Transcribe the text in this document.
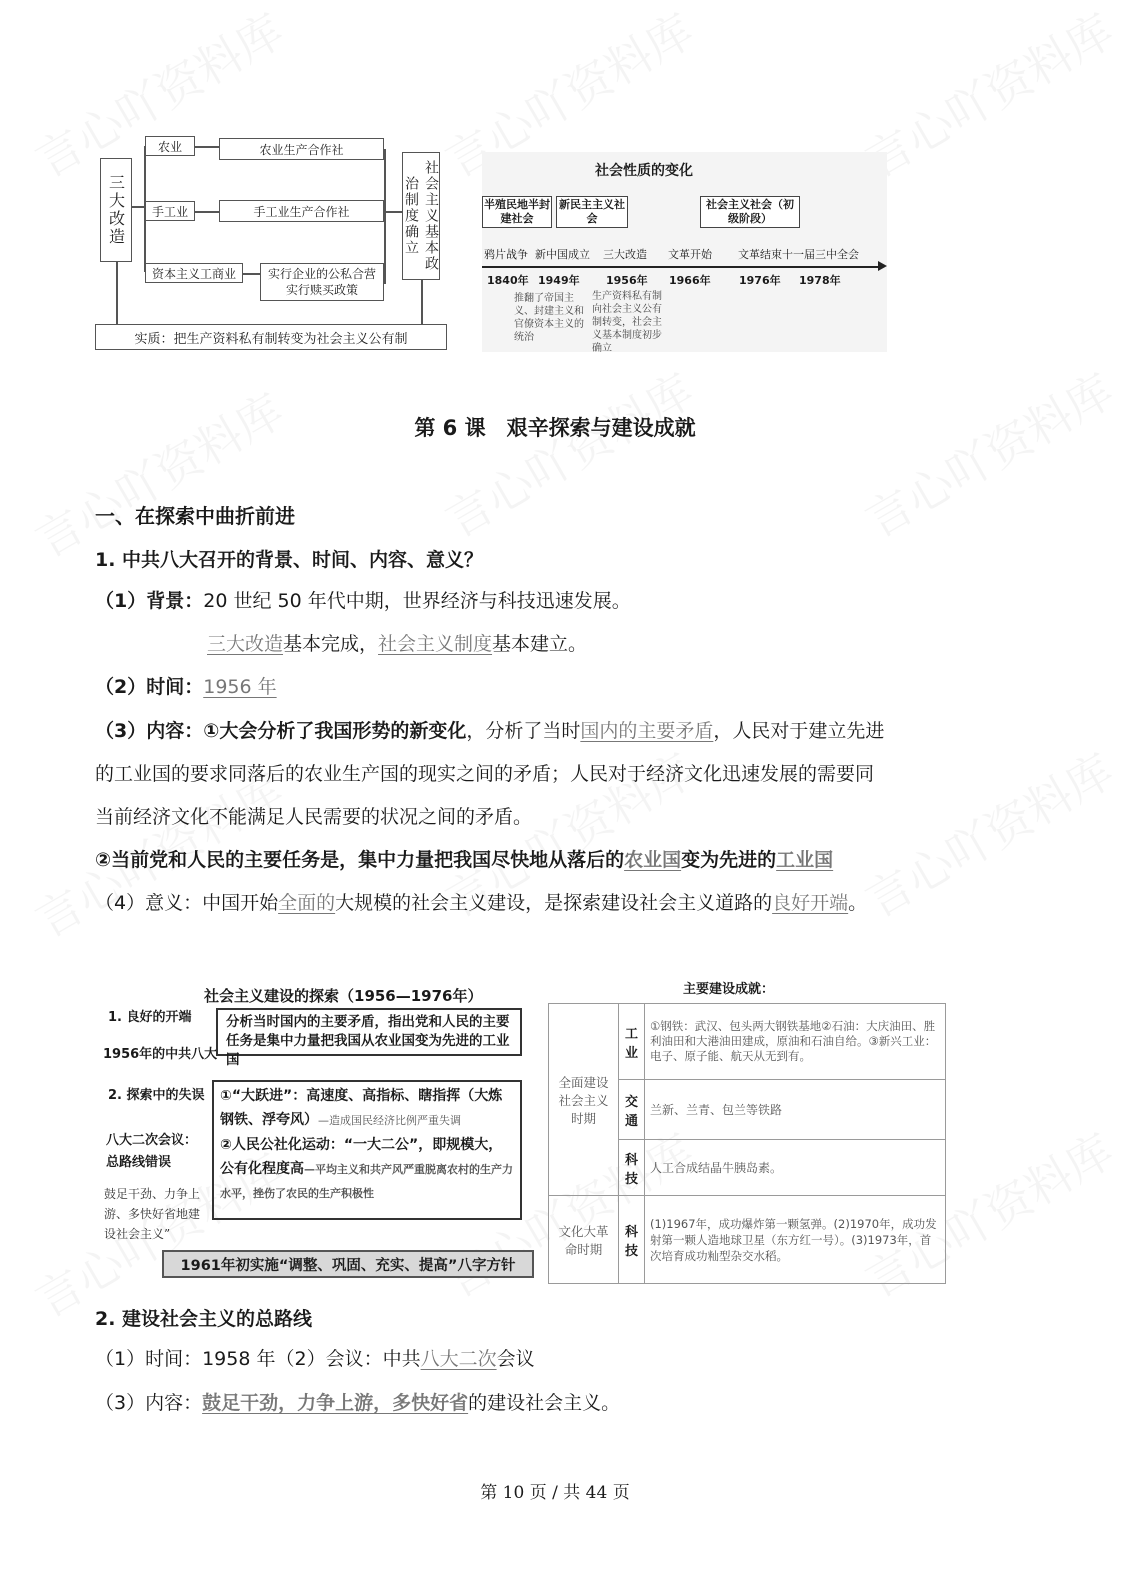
三大改造
农业	农业生产合作社
手工业	手工业生产合作社
资本主义工商业	实行企业的公私合营实行赎买政策
社会主义基本政治制度确立
实质：把生产资料私有制转变为社会主义公有制
社会性质的变化
半殖民地半封建社会
新民主主义社会
社会主义社会（初级阶段）
鸦片战争 新中国成立 三大改造 文革开始 文革结束十一届三中全会
1840年 1949年 1956年 1966年	1976年 1978年
推翻了帝国主义、封建主义和官僚资本主义的统治
生产资料私有制向社会主义公有制转变，社会主义基本制度初步确立
第 6 课　艰辛探索与建设成就
一、在探索中曲折前进
1. 中共八大召开的背景、时间、内容、意义？
（1）背景：20 世纪 50 年代中期，世界经济与科技迅速发展。
三大改造基本完成，社会主义制度基本建立。
（2）时间：1956 年
（3）内容：①大会分析了我国形势的新变化，分析了当时国内的主要矛盾，人民对于建立先进
的工业国的要求同落后的农业生产国的现实之间的矛盾；人民对于经济文化迅速发展的需要同
当前经济文化不能满足人民需要的状况之间的矛盾。
②当前党和人民的主要任务是，集中力量把我国尽快地从落后的农业国变为先进的工业国
（4）意义：中国开始全面的大规模的社会主义建设，是探索建设社会主义道路的良好开端。
社会主义建设的探索（1956—1976年）
1. 良好的开端
1956年的中共八大
分析当时国内的主要矛盾，指出党和人民的主要任务是集中力量把我国从农业国变为先进的工业国
2. 探索中的失误
八大二次会议：总路线错误
鼓足干劲、力争上游、多快好省地建设社会主义”
①“大跃进”：高速度、高指标、瞎指挥（大炼钢铁、浮夸风）—造成国民经济比例严重失调
②人民公社化运动：“一大二公”，即规模大，公有化程度高—平均主义和共产风严重脱离农村的生产力水平，挫伤了农民的生产积极性
1961年初实施“调整、巩固、充实、提高”八字方针
主要建设成就：
全面建设社会主义时期	工业	①钢铁：武汉、包头两大钢铁基地②石油：大庆油田、胜利油田和大港油田建成，原油和石油自给。③新兴工业：电子、原子能、航天从无到有。
	交通	兰新、兰青、包兰等铁路
	科技	人工合成结晶牛胰岛素。
文化大革命时期	科技	(1)1967年，成功爆炸第一颗氢弹。(2)1970年，成功发射第一颗人造地球卫星（东方红一号）。(3)1973年，首次培育成功籼型杂交水稻。
2. 建设社会主义的总路线
（1）时间：1958 年（2）会议：中共八大二次会议
（3）内容：鼓足干劲，力争上游，多快好省的建设社会主义。
第 10 页 / 共 44 页
